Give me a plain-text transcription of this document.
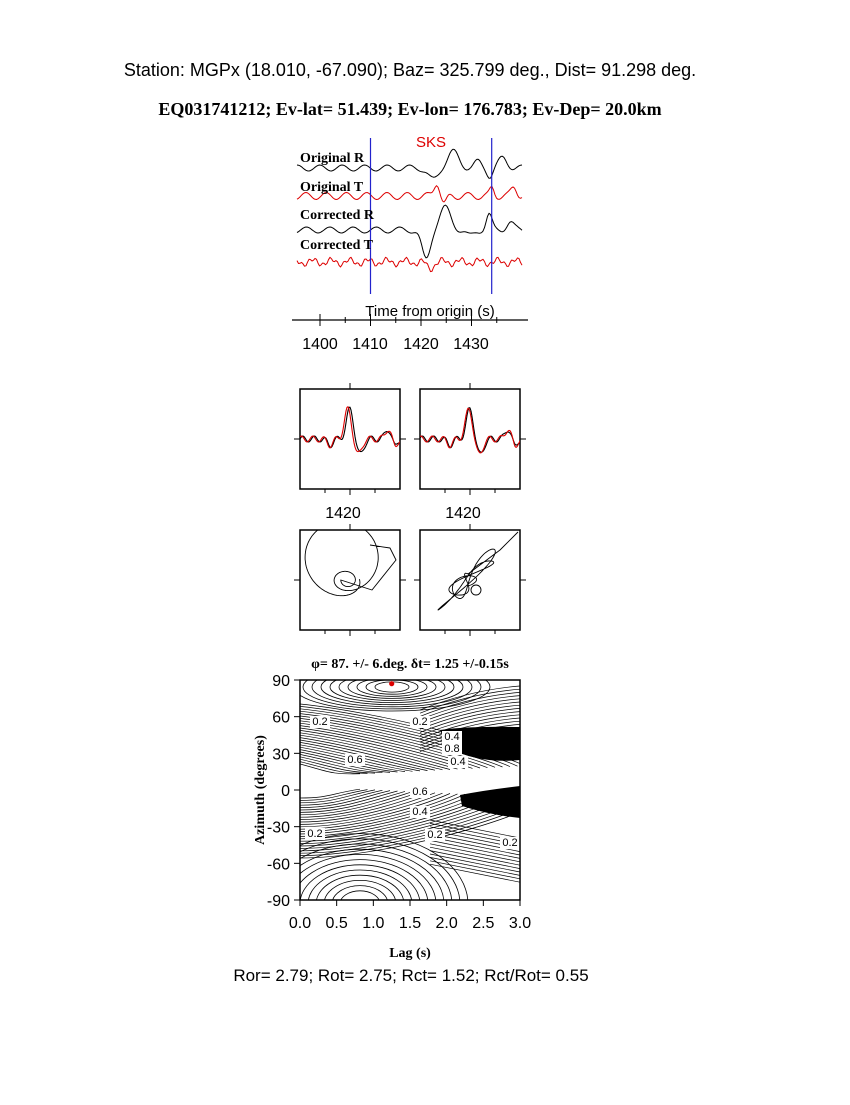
Station: MGPx (18.010, -67.090); Baz= 325.799 deg., Dist= 91.298 deg.
EQ031741212; Ev-lat= 51.439; Ev-lon= 176.783; Ev-Dep= 20.0km
SKS
Original R
Original T
Corrected R
Corrected T
Time from origin (s)
1400 1410 1420 1430
1420	1420
φ= 87. +/- 6.deg. δt= 1.25 +/-0.15s
0.2	0.2
0.2	0.2
0.2
0.4
0.6
0.8
0.4
0.6
0.4
0.0 0.5 1.0 1.5 2.0 2.5 3.0
90
60
30
0
-30
-60
-90
Lag (s)
Azimuth (degrees)
Ror= 2.79; Rot= 2.75; Rct= 1.52; Rct/Rot= 0.55
